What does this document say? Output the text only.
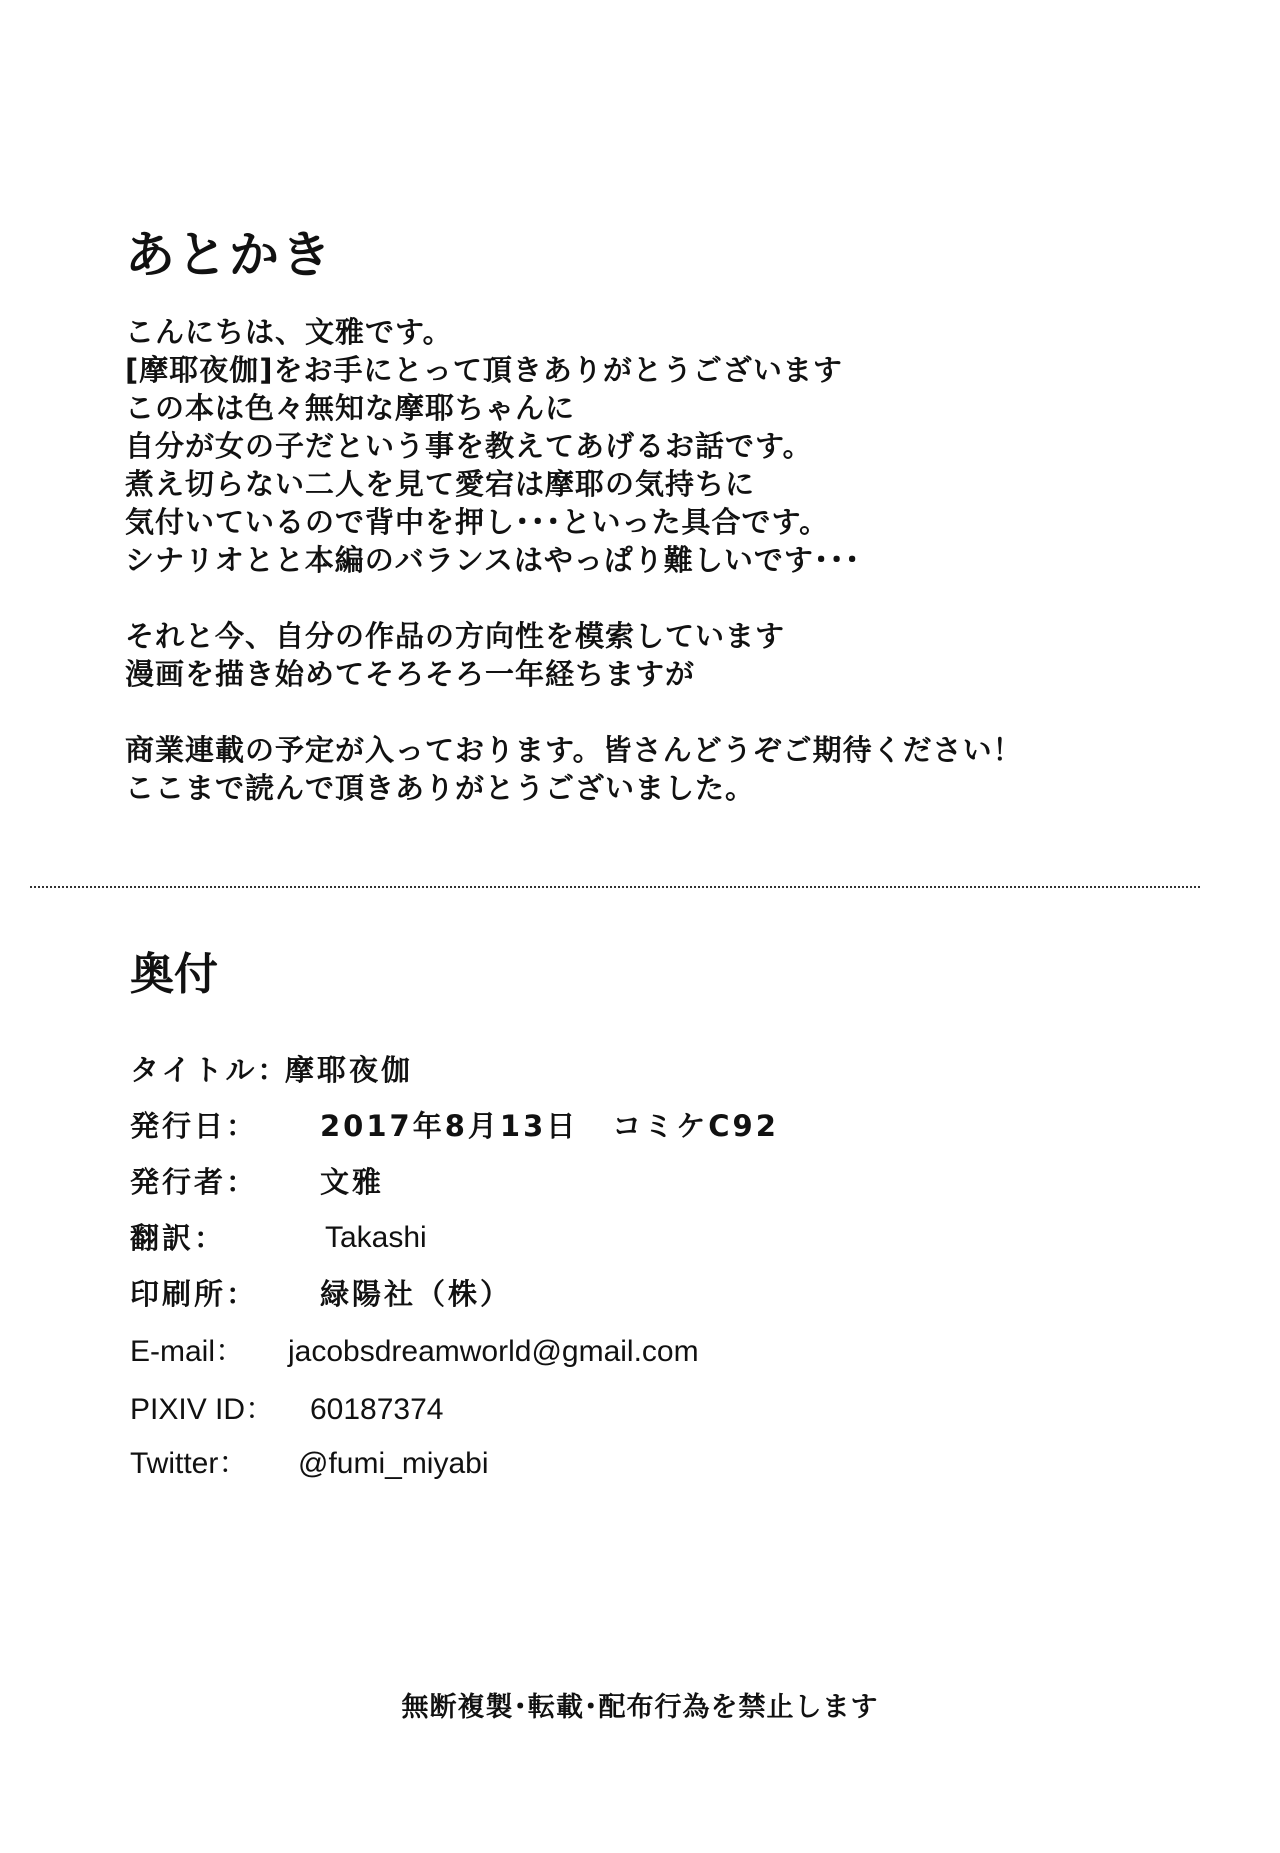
あとかき
こんにちは、文雅です。
[摩耶夜伽]をお手にとって頂きありがとうございます
この本は色々無知な摩耶ちゃんに
自分が女の子だという事を教えてあげるお話です。
煮え切らない二人を見て愛宕は摩耶の気持ちに
気付いているので背中を押し･･･といった具合です。
シナリオとと本編のバランスはやっぱり難しいです･･･
それと今、自分の作品の方向性を模索しています
漫画を描き始めてそろそろ一年経ちますが
商業連載の予定が入っております。皆さんどうぞご期待ください！
ここまで読んで頂きありがとうございました。
奥付
タイトル：
摩耶夜伽
発行日： 2017年8月13日 コミケC92
発行者： 文雅
翻訳：	Takashi
印刷所： 緑陽社（株）
E-mail： jacobsdreamworld@gmail.com
PIXIV ID： 60187374
Twitter： @fumi_miyabi
無断複製･転載･配布行為を禁止します
